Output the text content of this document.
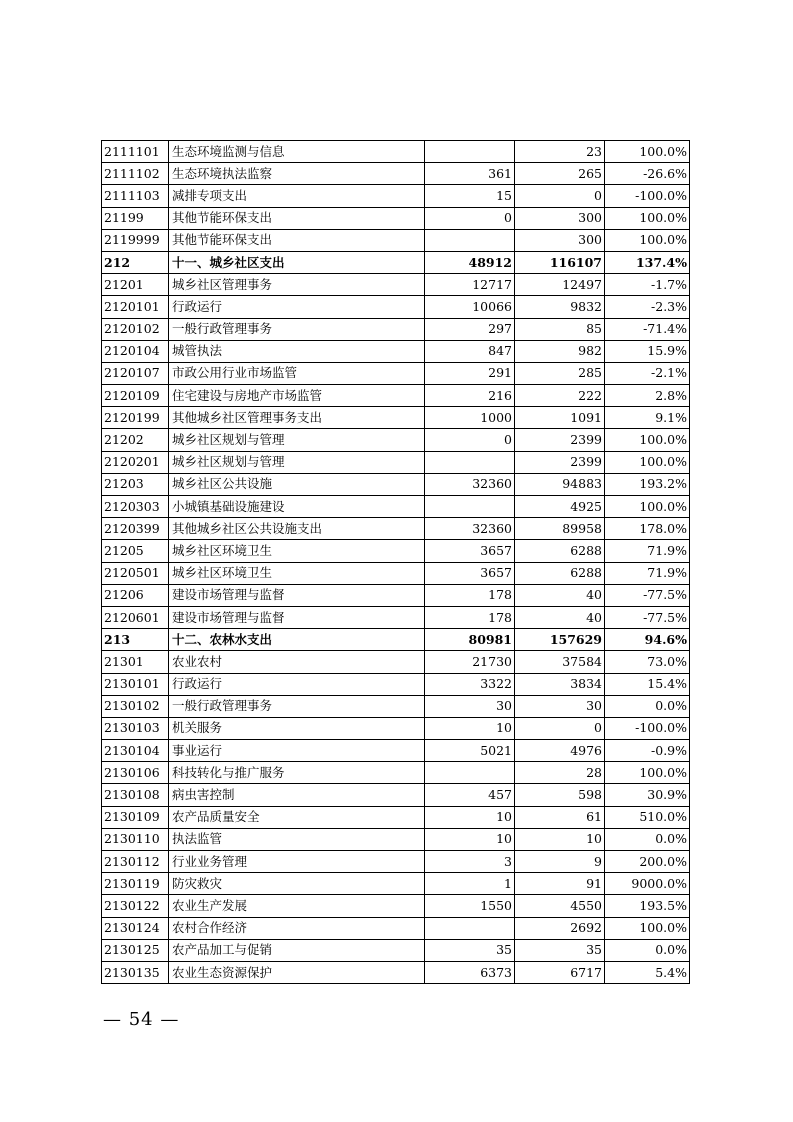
2111101	生态环境监测与信息		23	100.0%
2111102	生态环境执法监察	361	265	-26.6%
2111103	减排专项支出	15	0	-100.0%
21199	其他节能环保支出	0	300	100.0%
2119999	其他节能环保支出		300	100.0%
212	十一、城乡社区支出	48912	116107	137.4%
21201	城乡社区管理事务	12717	12497	-1.7%
2120101	行政运行	10066	9832	-2.3%
2120102	一般行政管理事务	297	85	-71.4%
2120104	城管执法	847	982	15.9%
2120107	市政公用行业市场监管	291	285	-2.1%
2120109	住宅建设与房地产市场监管	216	222	2.8%
2120199	其他城乡社区管理事务支出	1000	1091	9.1%
21202	城乡社区规划与管理	0	2399	100.0%
2120201	城乡社区规划与管理		2399	100.0%
21203	城乡社区公共设施	32360	94883	193.2%
2120303	小城镇基础设施建设		4925	100.0%
2120399	其他城乡社区公共设施支出	32360	89958	178.0%
21205	城乡社区环境卫生	3657	6288	71.9%
2120501	城乡社区环境卫生	3657	6288	71.9%
21206	建设市场管理与监督	178	40	-77.5%
2120601	建设市场管理与监督	178	40	-77.5%
213	十二、农林水支出	80981	157629	94.6%
21301	农业农村	21730	37584	73.0%
2130101	行政运行	3322	3834	15.4%
2130102	一般行政管理事务	30	30	0.0%
2130103	机关服务	10	0	-100.0%
2130104	事业运行	5021	4976	-0.9%
2130106	科技转化与推广服务		28	100.0%
2130108	病虫害控制	457	598	30.9%
2130109	农产品质量安全	10	61	510.0%
2130110	执法监管	10	10	0.0%
2130112	行业业务管理	3	9	200.0%
2130119	防灾救灾	1	91	9000.0%
2130122	农业生产发展	1550	4550	193.5%
2130124	农村合作经济		2692	100.0%
2130125	农产品加工与促销	35	35	0.0%
2130135	农业生态资源保护	6373	6717	5.4%
— 54 —
